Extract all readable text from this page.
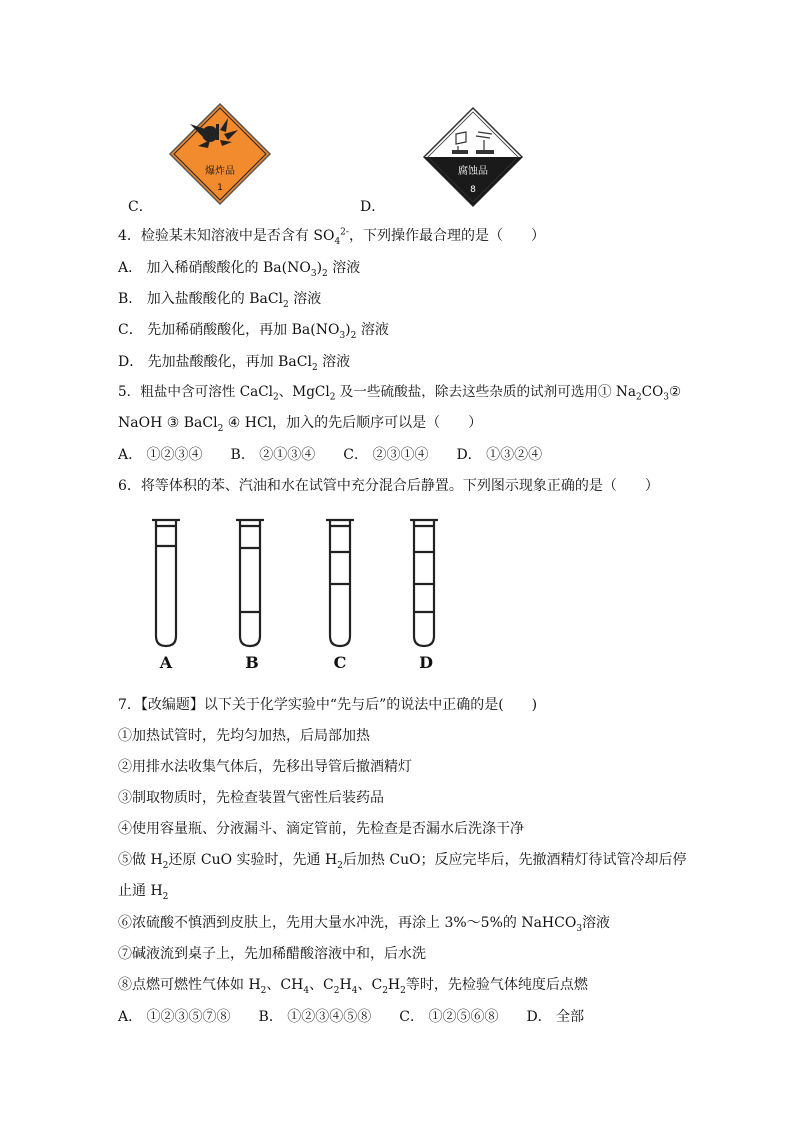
爆炸品
1
C．
腐蚀品
8
D．
4．检验某未知溶液中是否含有 $SO_4^{2-}$，下列操作最合理的是（　　）
A． 加入稀硝酸酸化的 $Ba(NO_3)_2$ 溶液
B． 加入盐酸酸化的 BaCl$_2$ 溶液
C． 先加稀硝酸酸化，再加 $Ba(NO_3)_2$ 溶液
D． 先加盐酸酸化，再加 BaCl$_2$ 溶液
5．粗盐中含可溶性 CaCl$_2$、MgCl$_2$ 及一些硫酸盐，除去这些杂质的试剂可选用① $Na_2CO_3②$
NaOH ③ BaCl$_2$ ④ HCl，加入的先后顺序可以是（　　）
A． ①②③④　　B． ②①③④　　C． ②③①④　　D． ①③②④
6．将等体积的苯、汽油和水在试管中充分混合后静置。下列图示现象正确的是（　　）
A	B	C	D
7．【改编题】以下关于化学实验中“先与后”的说法中正确的是(　　)
①加热试管时，先均匀加热，后局部加热
②用排水法收集气体后，先移出导管后撤酒精灯
③制取物质时，先检查装置气密性后装药品
④使用容量瓶、分液漏斗、滴定管前，先检查是否漏水后洗涤干净
⑤做 $H_2$还原 CuO 实验时，先通 $H_2$后加热 CuO；反应完毕后，先撤酒精灯待试管冷却后停
止通 $H_2$
⑥浓硫酸不慎洒到皮肤上，先用大量水冲洗，再涂上 3%～5%的 NaHCO$_3$溶液
⑦碱液流到桌子上，先加稀醋酸溶液中和，后水洗
⑧点燃可燃性气体如 $H_2$、$CH_4$、$C_2H_4$、$C_2H_2$等时，先检验气体纯度后点燃
A． ①②③⑤⑦⑧　　B． ①②③④⑤⑧　　C． ①②⑤⑥⑧　　D． 全部
